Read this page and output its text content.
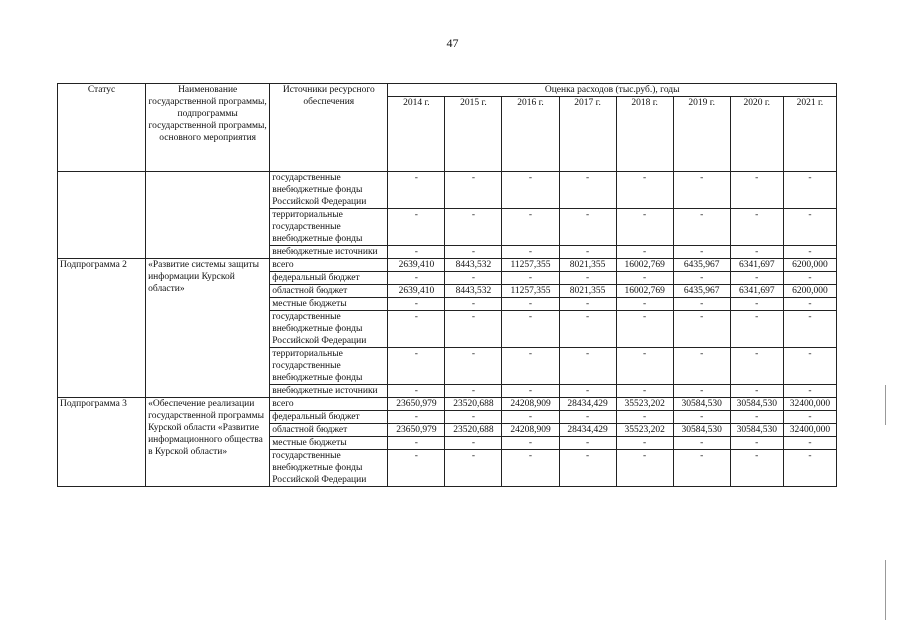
47
Статус	Наименование государственной программы, подпрограммы государственной программы, основного мероприятия	Источники ресурсного обеспечения	Оценка расходов (тыс.руб.), годы							
			2014 г.	2015 г.	2016 г.	2017 г.	2018 г.	2019 г.	2020 г.	2021 г.
		государственные внебюджетные фонды Российской Федерации	-	-	-	-	-	-	-	-
		территориальные государственные внебюджетные фонды	-	-	-	-	-	-	-	-
		внебюджетные источники	-	-	-	-	-	-	-	-
Подпрограмма 2	«Развитие системы защиты информации Курской области»	всего	2639,410	8443,532	11257,355	8021,355	16002,769	6435,967	6341,697	6200,000
		федеральный бюджет	-	-	-	-	-	-	-	-
		областной бюджет	2639,410	8443,532	11257,355	8021,355	16002,769	6435,967	6341,697	6200,000
		местные бюджеты	-	-	-	-	-	-	-	-
		государственные внебюджетные фонды Российской Федерации	-	-	-	-	-	-	-	-
		территориальные государственные внебюджетные фонды	-	-	-	-	-	-	-	-
		внебюджетные источники	-	-	-	-	-	-	-	-
Подпрограмма 3	«Обеспечение реализации государственной программы Курской области «Развитие информационного общества в Курской области»	всего	23650,979	23520,688	24208,909	28434,429	35523,202	30584,530	30584,530	32400,000
		федеральный бюджет	-	-	-	-	-	-	-	-
		областной бюджет	23650,979	23520,688	24208,909	28434,429	35523,202	30584,530	30584,530	32400,000
		местные бюджеты	-	-	-	-	-	-	-	-
		государственные внебюджетные фонды Российской Федерации	-	-	-	-	-	-	-	-
